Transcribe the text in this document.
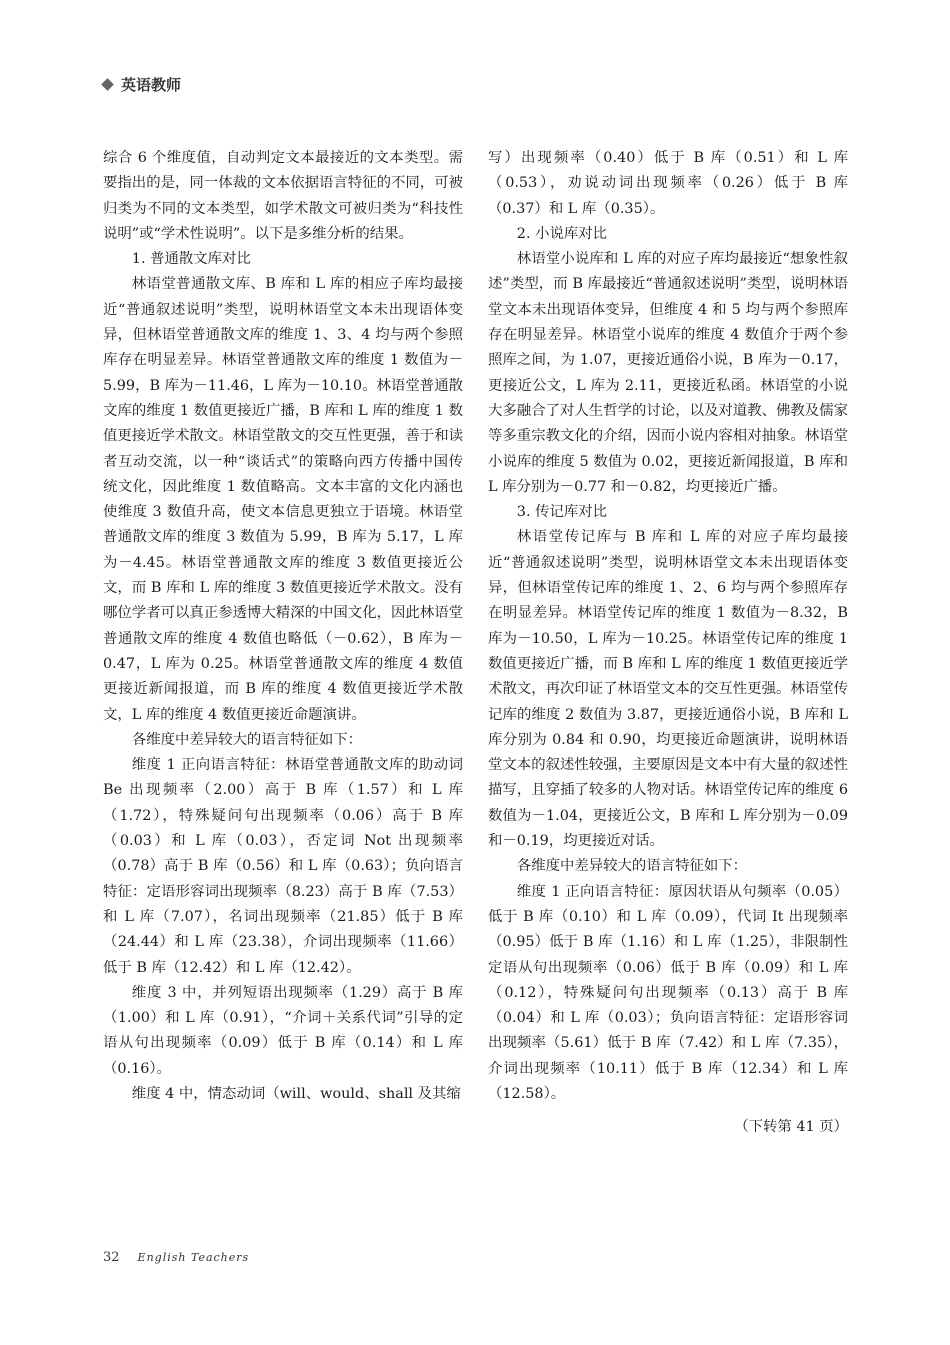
英语教师

综合 6 个维度值，自动判定文本最接近的文本类型。需要指出的是，同一体裁的文本依据语言特征的不同，可被归类为不同的文本类型，如学术散文可被归类为“科技性说明”或“学术性说明”。以下是多维分析的结果。

1. 普通散文库对比

林语堂普通散文库、B 库和 L 库的相应子库均最接近“普通叙述说明”类型，说明林语堂文本未出现语体变异，但林语堂普通散文库的维度 1、3、4 均与两个参照库存在明显差异。林语堂普通散文库的维度 1 数值为－5.99，B 库为－11.46，L 库为－10.10。林语堂普通散文库的维度 1 数值更接近广播，B 库和 L 库的维度 1 数值更接近学术散文。林语堂散文的交互性更强，善于和读者互动交流，以一种“谈话式”的策略向西方传播中国传统文化，因此维度 1 数值略高。文本丰富的文化内涵也使维度 3 数值升高，使文本信息更独立于语境。林语堂普通散文库的维度 3 数值为 5.99，B 库为 5.17，L 库为－4.45。林语堂普通散文库的维度 3 数值更接近公文，而 B 库和 L 库的维度 3 数值更接近学术散文。没有哪位学者可以真正参透博大精深的中国文化，因此林语堂普通散文库的维度 4 数值也略低（－0.62），B 库为－0.47，L 库为 0.25。林语堂普通散文库的维度 4 数值更接近新闻报道，而 B 库的维度 4 数值更接近学术散文，L 库的维度 4 数值更接近命题演讲。

各维度中差异较大的语言特征如下：

维度 1 正向语言特征：林语堂普通散文库的助动词 Be 出现频率（2.00）高于 B 库（1.57）和 L 库（1.72），特殊疑问句出现频率（0.06）高于 B 库（0.03）和 L 库（0.03），否定词 Not 出现频率（0.78）高于 B 库（0.56）和 L 库（0.63）；负向语言特征：定语形容词出现频率（8.23）高于 B 库（7.53）和 L 库（7.07），名词出现频率（21.85）低于 B 库（24.44）和 L 库（23.38），介词出现频率（11.66）低于 B 库（12.42）和 L 库（12.42）。

维度 3 中，并列短语出现频率（1.29）高于 B 库（1.00）和 L 库（0.91），“介词＋关系代词”引导的定语从句出现频率（0.09）低于 B 库（0.14）和 L 库（0.16）。

维度 4 中，情态动词（will、would、shall 及其缩

写）出现频率（0.40）低于 B 库（0.51）和 L 库（0.53），劝说动词出现频率（0.26）低于 B 库（0.37）和 L 库（0.35）。

2. 小说库对比

林语堂小说库和 L 库的对应子库均最接近“想象性叙述”类型，而 B 库最接近“普通叙述说明”类型，说明林语堂文本未出现语体变异，但维度 4 和 5 均与两个参照库存在明显差异。林语堂小说库的维度 4 数值介于两个参照库之间，为 1.07，更接近通俗小说，B 库为－0.17，更接近公文，L 库为 2.11，更接近私函。林语堂的小说大多融合了对人生哲学的讨论，以及对道教、佛教及儒家等多重宗教文化的介绍，因而小说内容相对抽象。林语堂小说库的维度 5 数值为 0.02，更接近新闻报道，B 库和 L 库分别为－0.77 和－0.82，均更接近广播。

3. 传记库对比

林语堂传记库与 B 库和 L 库的对应子库均最接近“普通叙述说明”类型，说明林语堂文本未出现语体变异，但林语堂传记库的维度 1、2、6 均与两个参照库存在明显差异。林语堂传记库的维度 1 数值为－8.32，B 库为－10.50，L 库为－10.25。林语堂传记库的维度 1 数值更接近广播，而 B 库和 L 库的维度 1 数值更接近学术散文，再次印证了林语堂文本的交互性更强。林语堂传记库的维度 2 数值为 3.87，更接近通俗小说，B 库和 L 库分别为 0.84 和 0.90，均更接近命题演讲，说明林语堂文本的叙述性较强，主要原因是文本中有大量的叙述性描写，且穿插了较多的人物对话。林语堂传记库的维度 6 数值为－1.04，更接近公文，B 库和 L 库分别为－0.09 和－0.19，均更接近对话。

各维度中差异较大的语言特征如下：

维度 1 正向语言特征：原因状语从句频率（0.05）低于 B 库（0.10）和 L 库（0.09），代词 It 出现频率（0.95）低于 B 库（1.16）和 L 库（1.25），非限制性定语从句出现频率（0.06）低于 B 库（0.09）和 L 库（0.12），特殊疑问句出现频率（0.13）高于 B 库（0.04）和 L 库（0.03）；负向语言特征：定语形容词出现频率（5.61）低于 B 库（7.42）和 L 库（7.35），介词出现频率（10.11）低于 B 库（12.34）和 L 库（12.58）。

（下转第 41 页）

32 English Teachers
